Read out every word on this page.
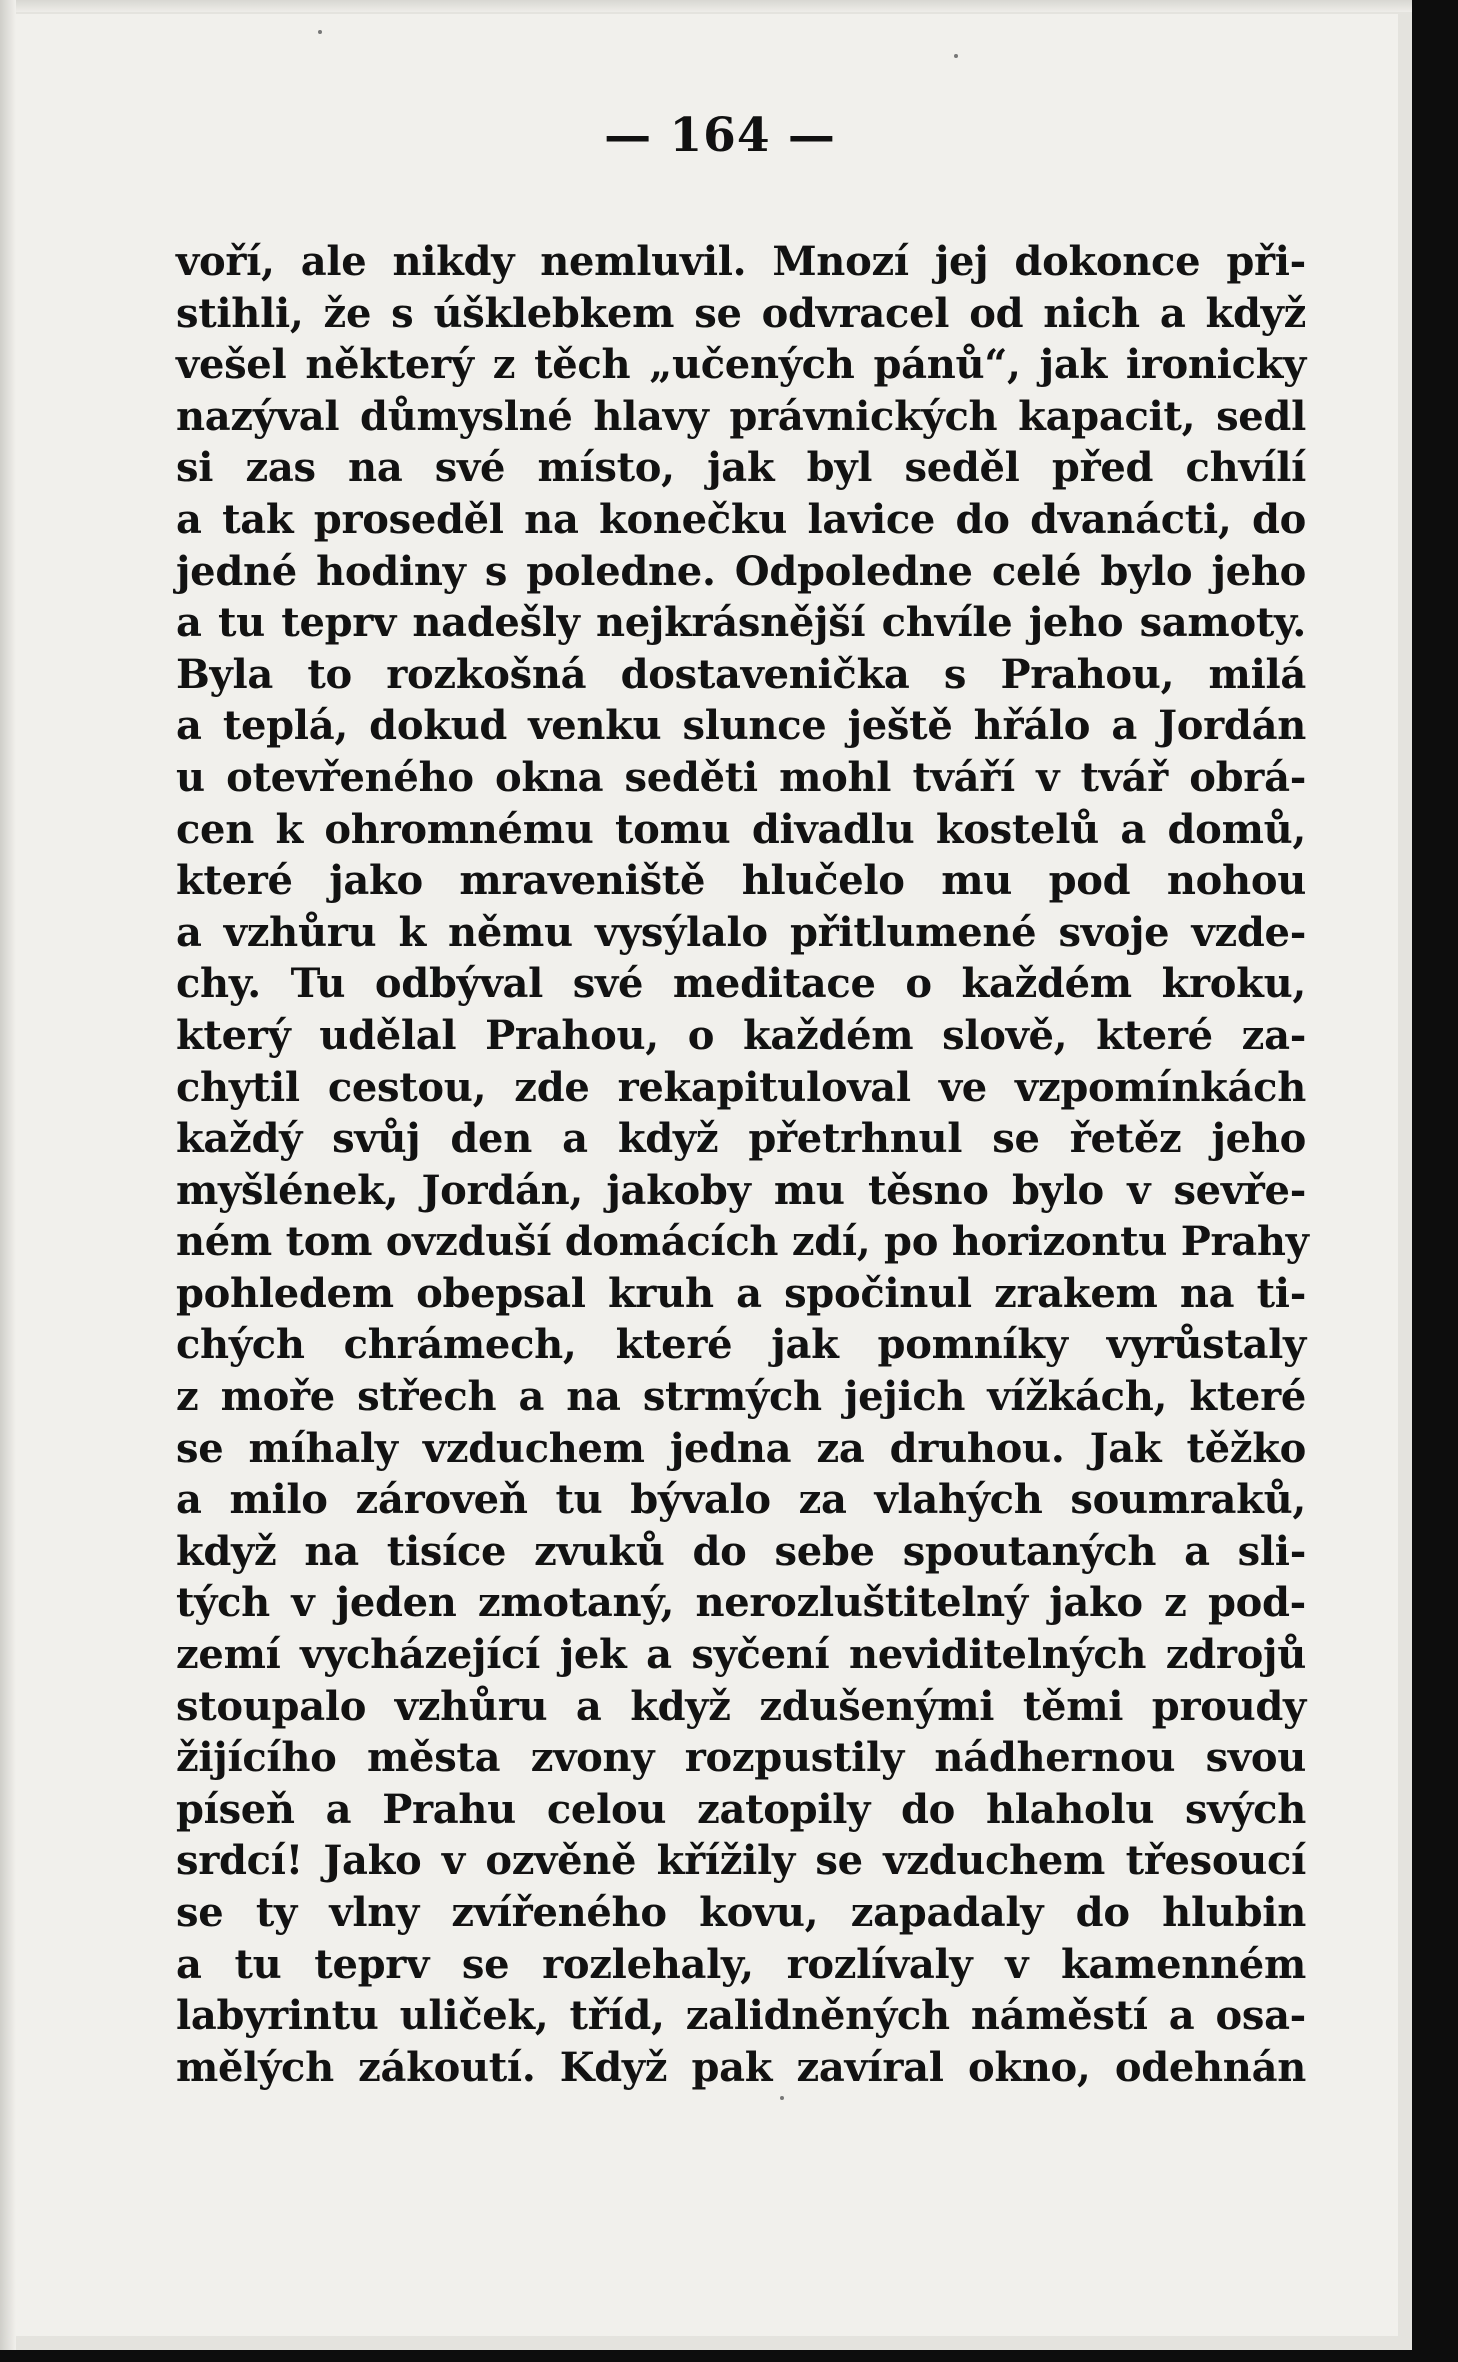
— 164 —
voří, ale nikdy nemluvil. Mnozí jej dokonce při-
stihli, že s úšklebkem se odvracel od nich a když
vešel některý z těch „učených pánů“, jak ironicky
nazýval důmyslné hlavy právnických kapacit, sedl
si zas na své místo, jak byl seděl před chvílí
a tak proseděl na konečku lavice do dvanácti, do
jedné hodiny s poledne. Odpoledne celé bylo jeho
a tu teprv nadešly nejkrásnější chvíle jeho samoty.
Byla to rozkošná dostavenička s Prahou, milá
a teplá, dokud venku slunce ještě hřálo a Jordán
u otevřeného okna seděti mohl tváří v tvář obrá-
cen k ohromnému tomu divadlu kostelů a domů,
které jako mraveniště hlučelo mu pod nohou
a vzhůru k němu vysýlalo přitlumené svoje vzde-
chy. Tu odbýval své meditace o každém kroku,
který udělal Prahou, o každém slově, které za-
chytil cestou, zde rekapituloval ve vzpomínkách
každý svůj den a když přetrhnul se řetěz jeho
myšlének, Jordán, jakoby mu těsno bylo v sevře-
ném tom ovzduší domácích zdí, po horizontu Prahy
pohledem obepsal kruh a spočinul zrakem na ti-
chých chrámech, které jak pomníky vyrůstaly
z moře střech a na strmých jejich vížkách, které
se míhaly vzduchem jedna za druhou. Jak těžko
a milo zároveň tu bývalo za vlahých soumraků,
když na tisíce zvuků do sebe spoutaných a sli-
tých v jeden zmotaný, nerozluštitelný jako z pod-
zemí vycházející jek a syčení neviditelných zdrojů
stoupalo vzhůru a když zdušenými těmi proudy
žijícího města zvony rozpustily nádhernou svou
píseň a Prahu celou zatopily do hlaholu svých
srdcí! Jako v ozvěně křížily se vzduchem třesoucí
se ty vlny zvířeného kovu, zapadaly do hlubin
a tu teprv se rozlehaly, rozlívaly v kamenném
labyrintu uliček, tříd, zalidněných náměstí a osa-
mělých zákoutí. Když pak zavíral okno, odehnán
